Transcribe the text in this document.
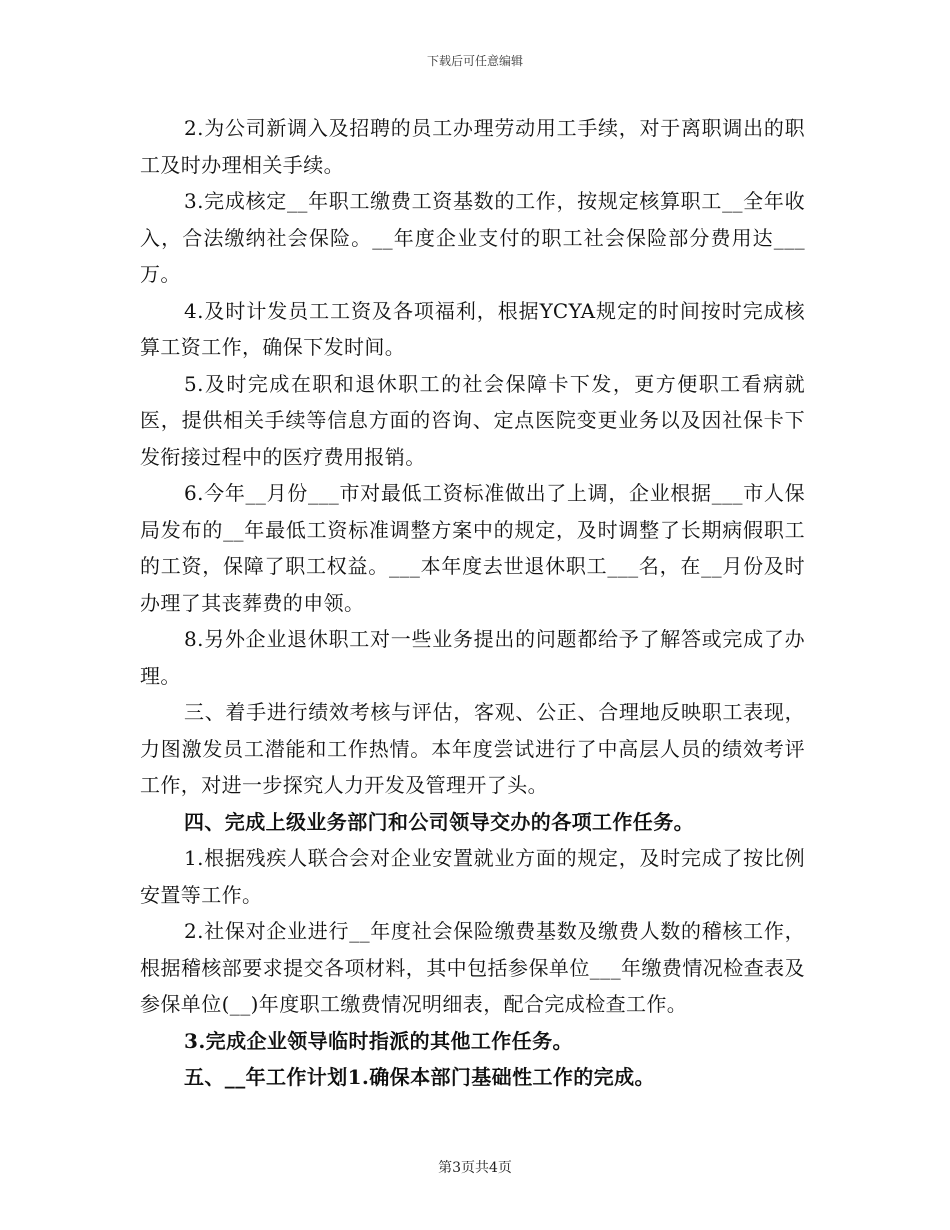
下载后可任意编辑

2.为公司新调入及招聘的员工办理劳动用工手续，对于离职调出的职工及时办理相关手续。

3.完成核定__年职工缴费工资基数的工作，按规定核算职工__全年收入，合法缴纳社会保险。__年度企业支付的职工社会保险部分费用达___万。

4.及时计发员工工资及各项福利，根据YCYA规定的时间按时完成核算工资工作，确保下发时间。

5.及时完成在职和退休职工的社会保障卡下发，更方便职工看病就医，提供相关手续等信息方面的咨询、定点医院变更业务以及因社保卡下发衔接过程中的医疗费用报销。

6.今年__月份___市对最低工资标准做出了上调，企业根据___市人保局发布的__年最低工资标准调整方案中的规定，及时调整了长期病假职工的工资，保障了职工权益。___本年度去世退休职工___名，在__月份及时办理了其丧葬费的申领。

8.另外企业退休职工对一些业务提出的问题都给予了解答或完成了办理。

三、着手进行绩效考核与评估，客观、公正、合理地反映职工表现，力图激发员工潜能和工作热情。本年度尝试进行了中高层人员的绩效考评工作，对进一步探究人力开发及管理开了头。

四、完成上级业务部门和公司领导交办的各项工作任务。

1.根据残疾人联合会对企业安置就业方面的规定，及时完成了按比例安置等工作。

2.社保对企业进行__年度社会保险缴费基数及缴费人数的稽核工作，根据稽核部要求提交各项材料，其中包括参保单位___年缴费情况检查表及参保单位(__)年度职工缴费情况明细表，配合完成检查工作。

3.完成企业领导临时指派的其他工作任务。

五、__年工作计划1.确保本部门基础性工作的完成。

第3页共4页
